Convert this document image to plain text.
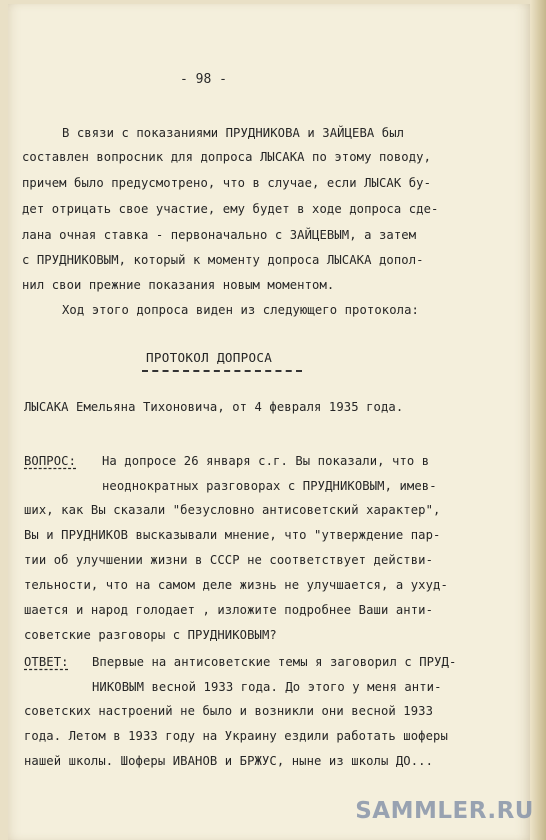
- 98 -
В связи с показаниями ПРУДНИКОВА и ЗАЙЦЕВА был
составлен вопросник для допроса ЛЫСАКА по этому поводу,
причем было предусмотрено, что в случае, если ЛЫСАК бу-
дет отрицать свое участие, ему будет в ходе допроса сде-
лана очная ставка - первоначально с ЗАЙЦЕВЫМ, а затем
с ПРУДНИКОВЫМ, который к моменту допроса ЛЫСАКА допол-
нил свои прежние показания новым моментом.
Ход этого допроса виден из следующего протокола:
ПРОТОКОЛ ДОПРОСА
ЛЫСАКА Емельяна Тихоновича, от 4 февраля 1935 года.
ВОПРОС: На допросе 26 января с.г. Вы показали, что в
неоднократных разговорах с ПРУДНИКОВЫМ, имев-
ших, как Вы сказали "безусловно антисоветский характер",
Вы и ПРУДНИКОВ высказывали мнение, что "утверждение пар-
тии об улучшении жизни в СССР не соответствует действи-
тельности, что на самом деле жизнь не улучшается, а ухуд-
шается и народ голодает , изложите подробнее Ваши анти-
советские разговоры с ПРУДНИКОВЫМ?
ОТВЕТ: Впервые на антисоветские темы я заговорил с ПРУД-
НИКОВЫМ весной 1933 года. До этого у меня анти-
советских настроений не было и возникли они весной 1933
года. Летом в 1933 году на Украину ездили работать шоферы
нашей школы. Шоферы ИВАНОВ и БРЖУС, ныне из школы ДО...
SAMMLER.RU
